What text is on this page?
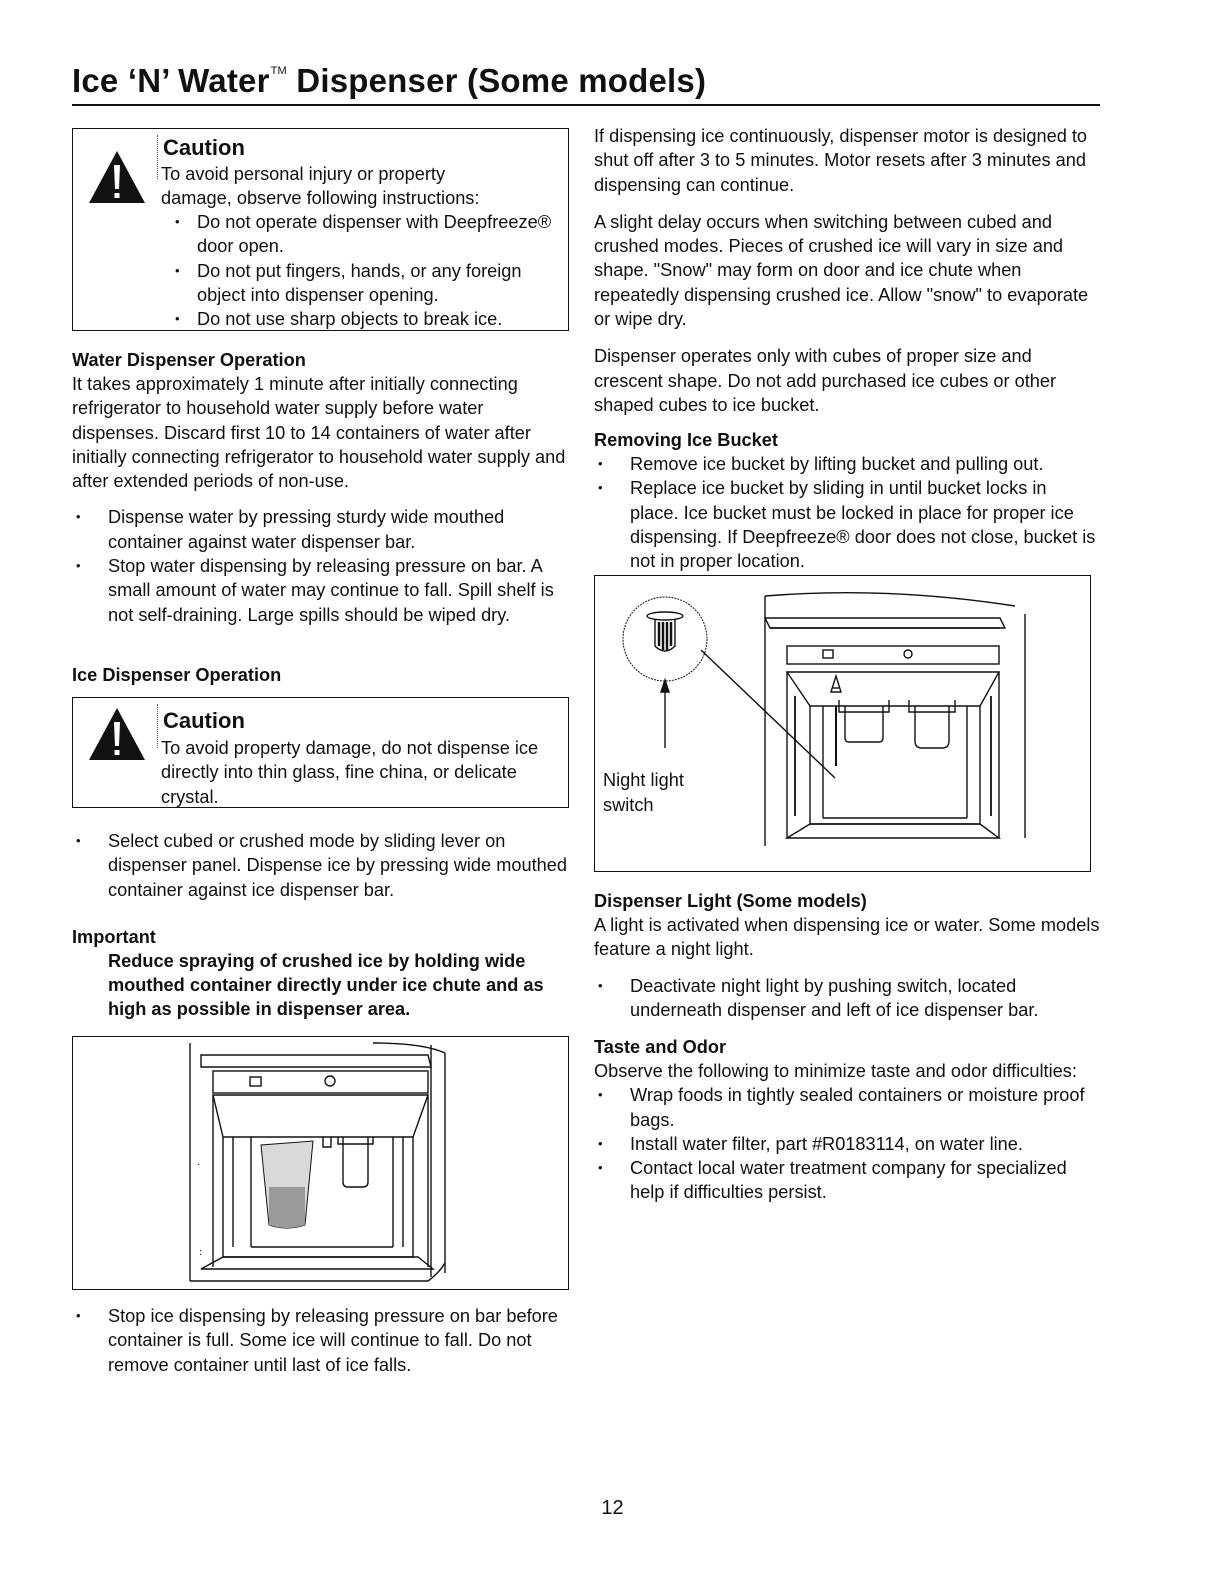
Ice ‘N’ Water™ Dispenser (Some models)
Caution
To avoid personal injury or property
damage, observe following instructions:
• Do not operate dispenser with Deepfreeze® door open.
• Do not put fingers, hands, or any foreign object into dispenser opening.
• Do not use sharp objects to break ice.
Water Dispenser Operation

It takes approximately 1 minute after initially connecting refrigerator to household water supply before water dispenses. Discard first 10 to 14 containers of water after initially connecting refrigerator to household water supply and after extended periods of non-use.

• Dispense water by pressing sturdy wide mouthed container against water dispenser bar.
• Stop water dispensing by releasing pressure on bar. A small amount of water may continue to fall. Spill shelf is not self-draining. Large spills should be wiped dry.
Ice Dispenser Operation
Caution
To avoid property damage, do not dispense ice directly into thin glass, fine china, or delicate crystal.
• Select cubed or crushed mode by sliding lever on dispenser panel. Dispense ice by pressing wide mouthed container against ice dispenser bar.
Important
Reduce spraying of crushed ice by holding wide mouthed container directly under ice chute and as high as possible in dispenser area.
.
:
• Stop ice dispensing by releasing pressure on bar before container is full. Some ice will continue to fall. Do not remove container until last of ice falls.

If dispensing ice continuously, dispenser motor is designed to shut off after 3 to 5 minutes. Motor resets after 3 minutes and dispensing can continue.

A slight delay occurs when switching between cubed and crushed modes. Pieces of crushed ice will vary in size and shape. "Snow" may form on door and ice chute when repeatedly dispensing crushed ice. Allow "snow" to evaporate or wipe dry.

Dispenser operates only with cubes of proper size and crescent shape. Do not add purchased ice cubes or other shaped cubes to ice bucket.

Removing Ice Bucket
• Remove ice bucket by lifting bucket and pulling out.
• Replace ice bucket by sliding in until bucket locks in place. Ice bucket must be locked in place for proper ice dispensing. If Deepfreeze® door does not close, bucket is not in proper location.
Night light
switch
Dispenser Light (Some models)

A light is activated when dispensing ice or water. Some models feature a night light.

• Deactivate night light by pushing switch, located underneath dispenser and left of ice dispenser bar.
Taste and Odor

Observe the following to minimize taste and odor difficulties:

• Wrap foods in tightly sealed containers or moisture proof bags.
• Install water filter, part #R0183114, on water line.
• Contact local water treatment company for specialized help if difficulties persist.
12
